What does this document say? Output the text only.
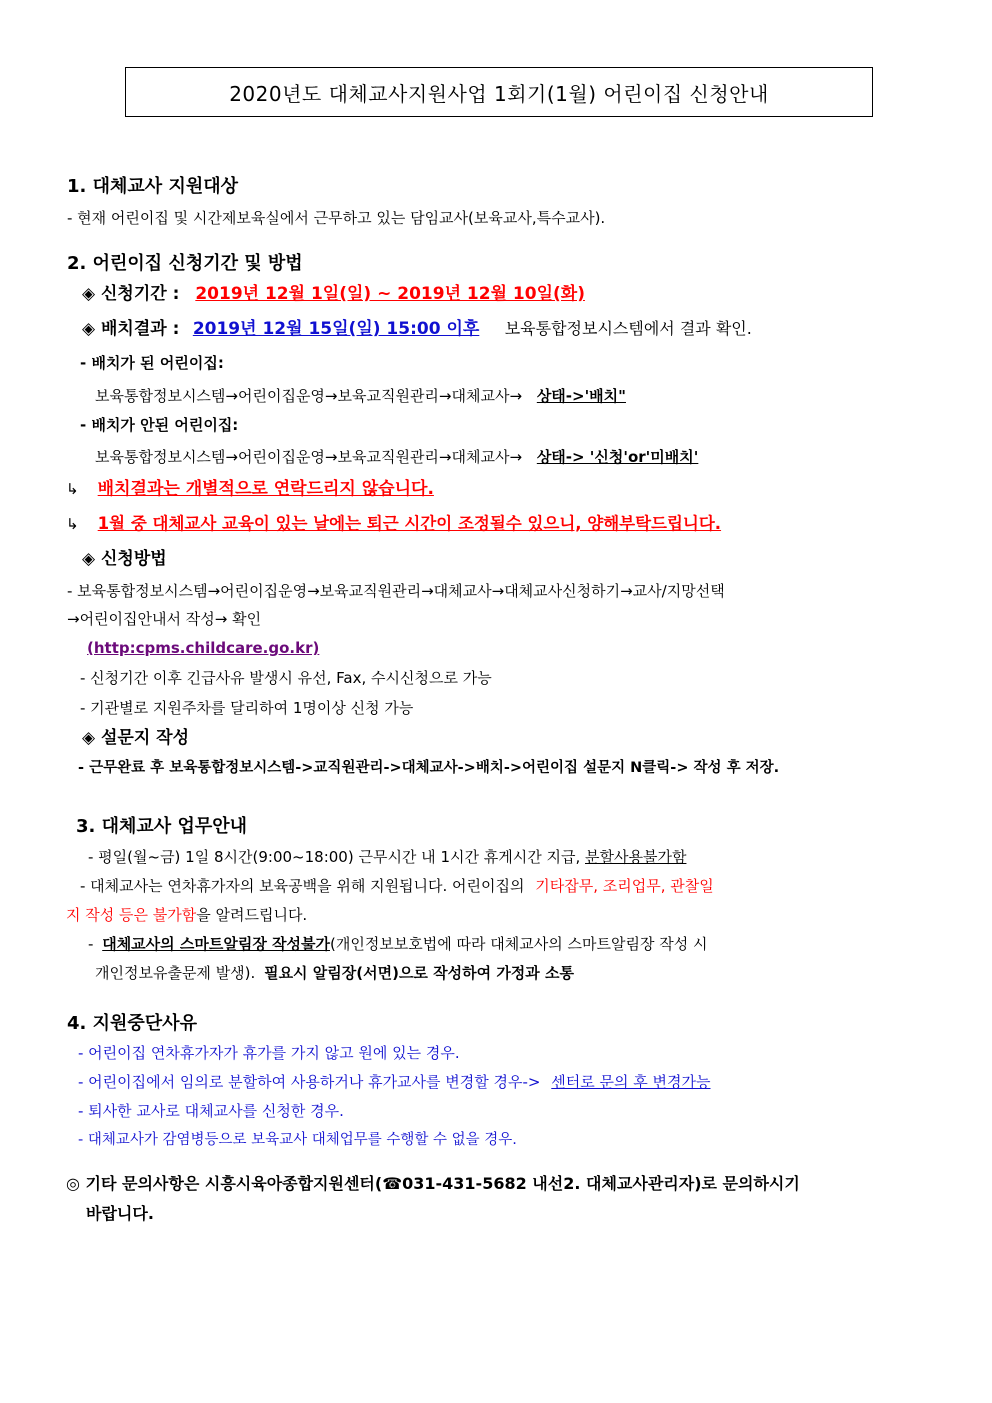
2020년도 대체교사지원사업 1회기(1월) 어린이집 신청안내
1. 대체교사 지원대상
- 현재 어린이집 및 시간제보육실에서 근무하고 있는 담임교사(보육교사,특수교사).
2. 어린이집 신청기간 및 방법
◈ 신청기간 : 2019년 12월 1일(일) ~ 2019년 12월 10일(화)
◈ 배치결과 : 2019년 12월 15일(일) 15:00 이후 보육통합정보시스템에서 결과 확인.
- 배치가 된 어린이집:
보육통합정보시스템→어린이집운영→보육교직원관리→대체교사→ 상태->'배치"
- 배치가 안된 어린이집:
보육통합정보시스템→어린이집운영→보육교직원관리→대체교사→ 상태-> '신청'or'미배치'
↳ 배치결과는 개별적으로 연락드리지 않습니다.
↳ 1월 중 대체교사 교육이 있는 날에는 퇴근 시간이 조정될수 있으니, 양해부탁드립니다.
◈ 신청방법
- 보육통합정보시스템→어린이집운영→보육교직원관리→대체교사→대체교사신청하기→교사/지망선택
→어린이집안내서 작성→ 확인
(http:cpms.childcare.go.kr)
- 신청기간 이후 긴급사유 발생시 유선, Fax, 수시신청으로 가능
- 기관별로 지원주차를 달리하여 1명이상 신청 가능
◈ 설문지 작성
- 근무완료 후 보육통합정보시스템->교직원관리->대체교사->배치->어린이집 설문지 N클릭-> 작성 후 저장.
3. 대체교사 업무안내
- 평일(월~금) 1일 8시간(9:00~18:00) 근무시간 내 1시간 휴게시간 지급, 분할사용불가함
- 대체교사는 연차휴가자의 보육공백을 위해 지원됩니다. 어린이집의 기타잡무, 조리업무, 관찰일
지 작성 등은 불가함을 알려드립니다.
- 대체교사의 스마트알림장 작성불가(개인정보보호법에 따라 대체교사의 스마트알림장 작성 시
개인정보유출문제 발생). 필요시 알림장(서면)으로 작성하여 가정과 소통
4. 지원중단사유
- 어린이집 연차휴가자가 휴가를 가지 않고 원에 있는 경우.
- 어린이집에서 임의로 분할하여 사용하거나 휴가교사를 변경할 경우-> 센터로 문의 후 변경가능
- 퇴사한 교사로 대체교사를 신청한 경우.
- 대체교사가 감염병등으로 보육교사 대체업무를 수행할 수 없을 경우.
◎ 기타 문의사항은 시흥시육아종합지원센터(☎031-431-5682 내선2. 대체교사관리자)로 문의하시기
바랍니다.
